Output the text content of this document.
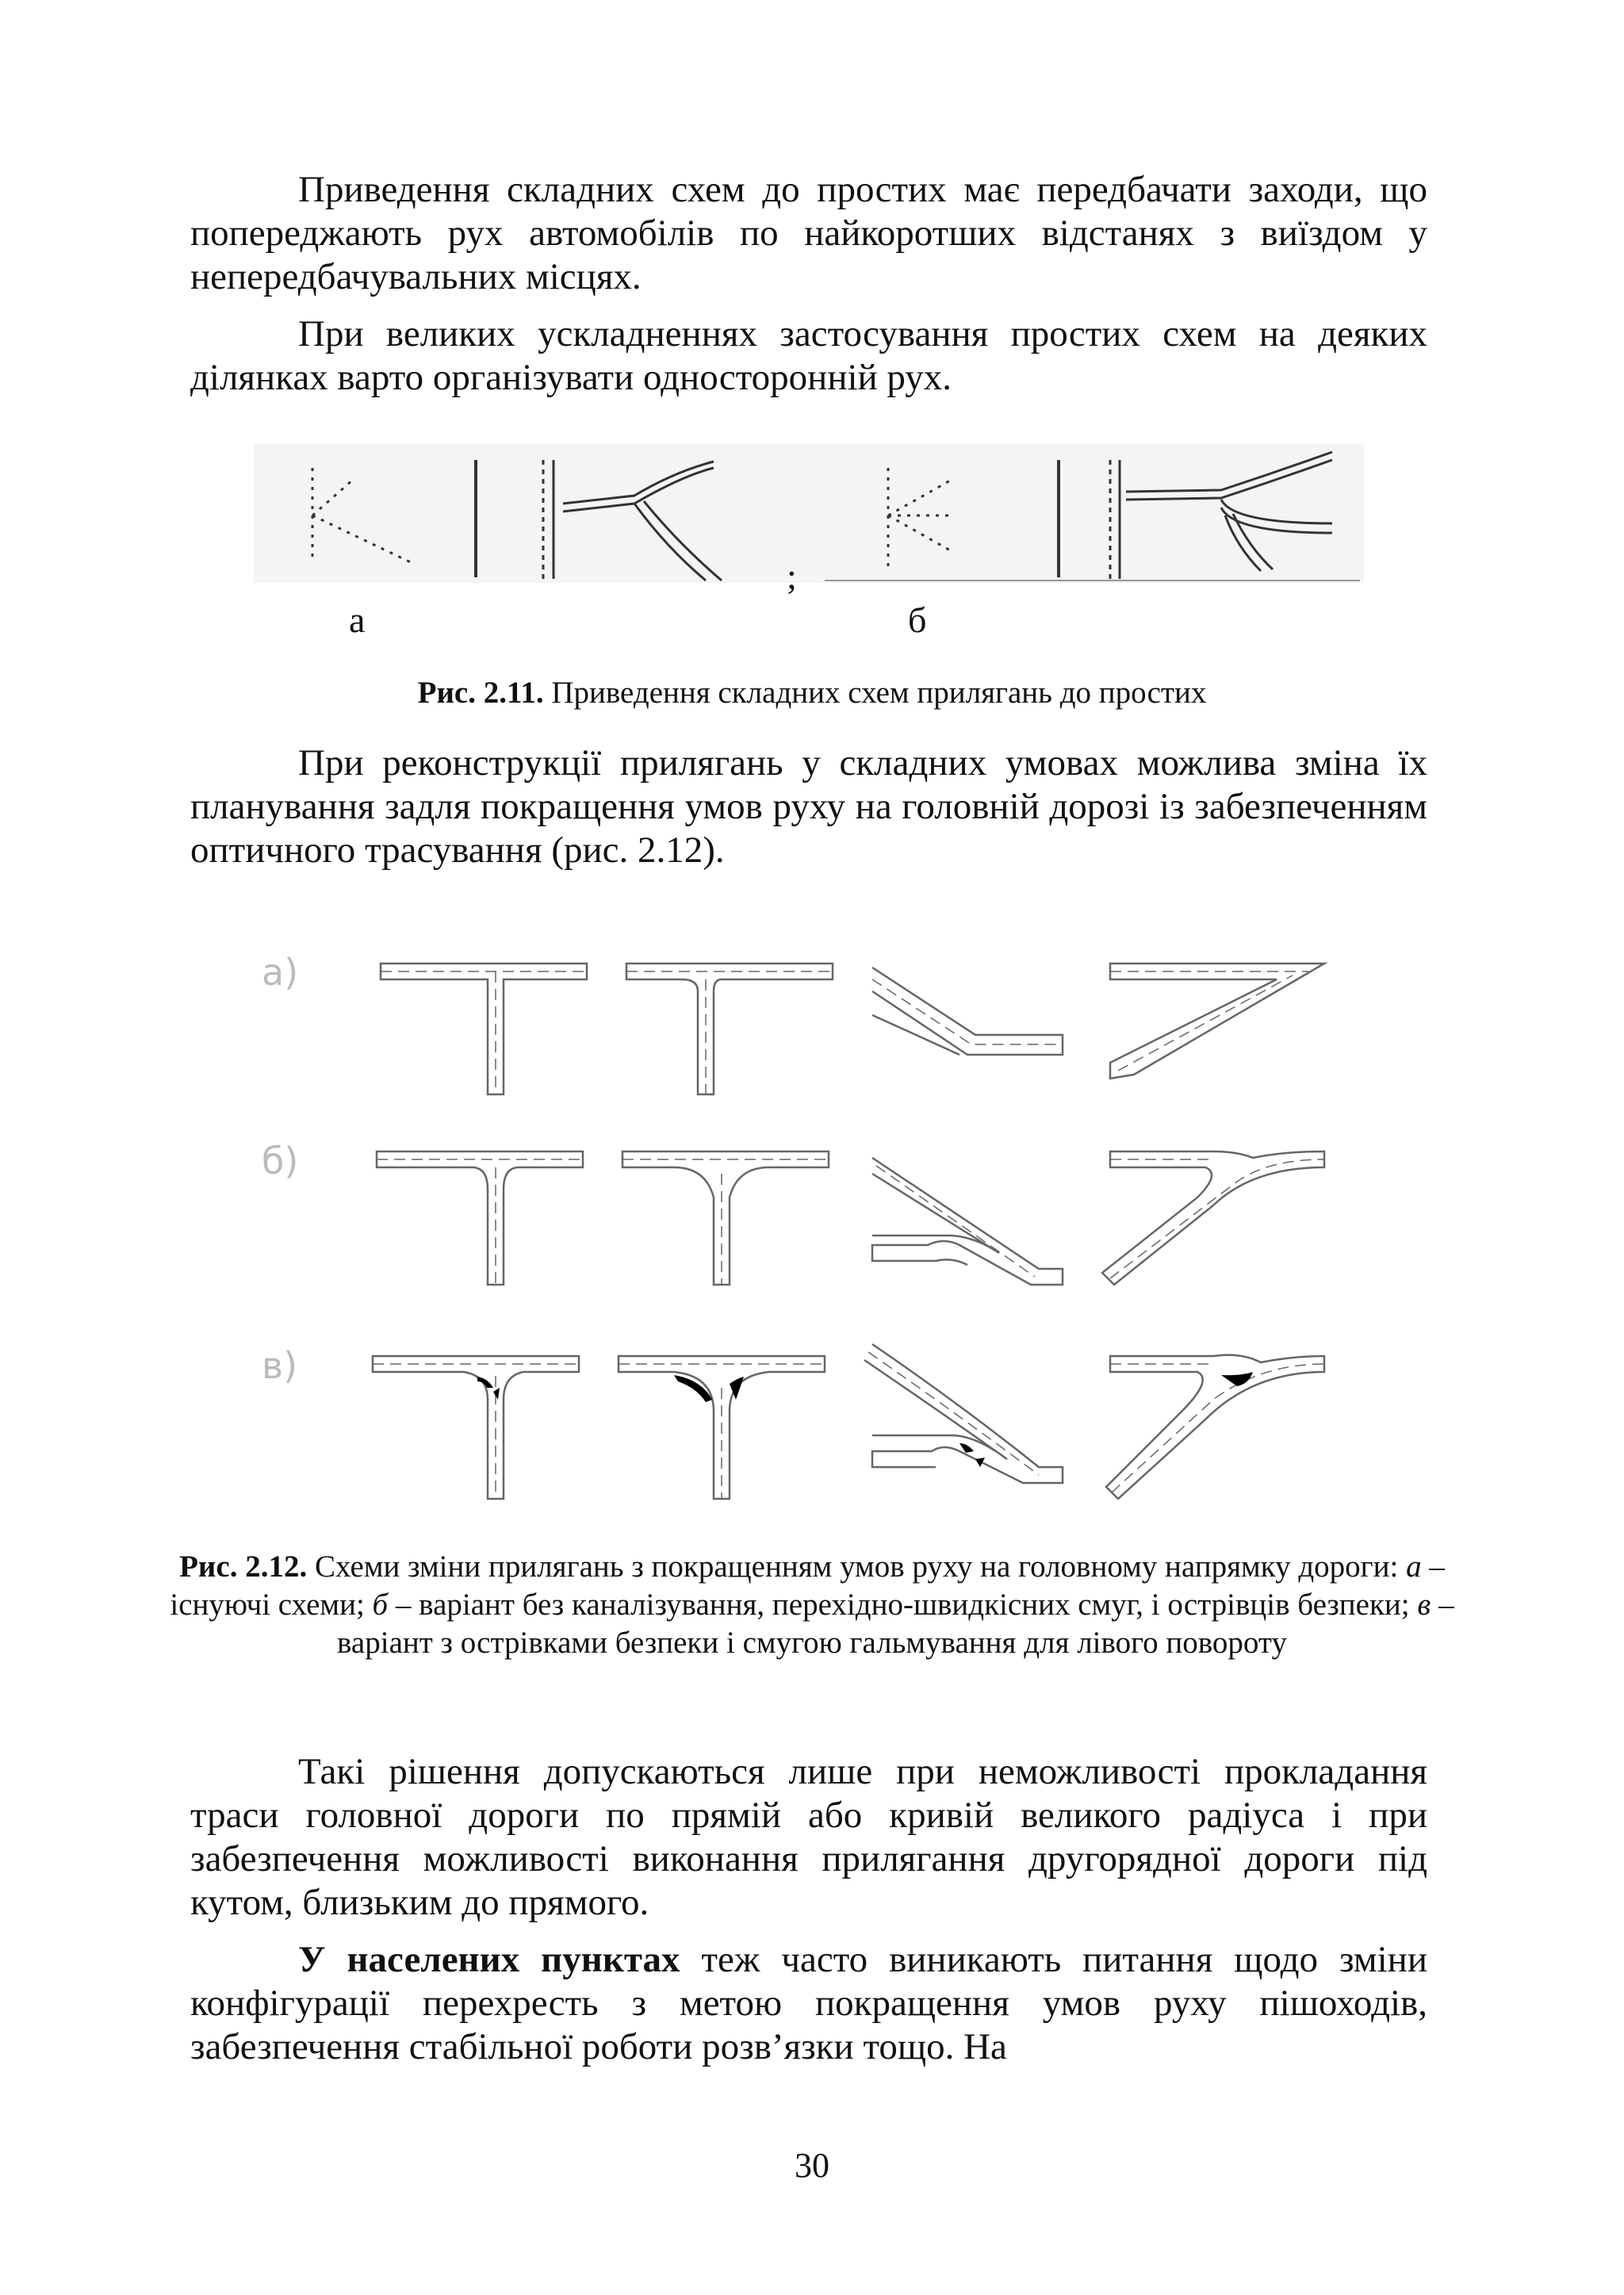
Приведення складних схем до простих має передбачати заходи, що попереджають рух автомобілів по найкоротших відстанях з виїздом у непередбачувальних місцях.

При великих ускладненнях застосування простих схем на деяких ділянках варто організувати односторонній рух.

а
;
б

Рис. 2.11. Приведення складних схем прилягань до простих

При реконструкції прилягань у складних умовах можлива зміна їх планування задля покращення умов руху на головній дорозі із забезпеченням оптичного трасування (рис. 2.12).

а)
б)
в)

Рис. 2.12. Схеми зміни прилягань з покращенням умов руху на головному напрямку дороги: а – існуючі схеми; б – варіант без каналізування, перехідно-швидкісних смуг, і острівців безпеки; в – варіант з острівками безпеки і смугою гальмування для лівого повороту

Такі рішення допускаються лише при неможливості прокладання траси головної дороги по прямій або кривій великого радіуса і при забезпечення можливості виконання прилягання другорядної дороги під кутом, близьким до прямого.

У населених пунктах теж часто виникають питання щодо зміни конфігурації перехресть з метою покращення умов руху пішоходів, забезпечення стабільної роботи розв’язки тощо. На

30
